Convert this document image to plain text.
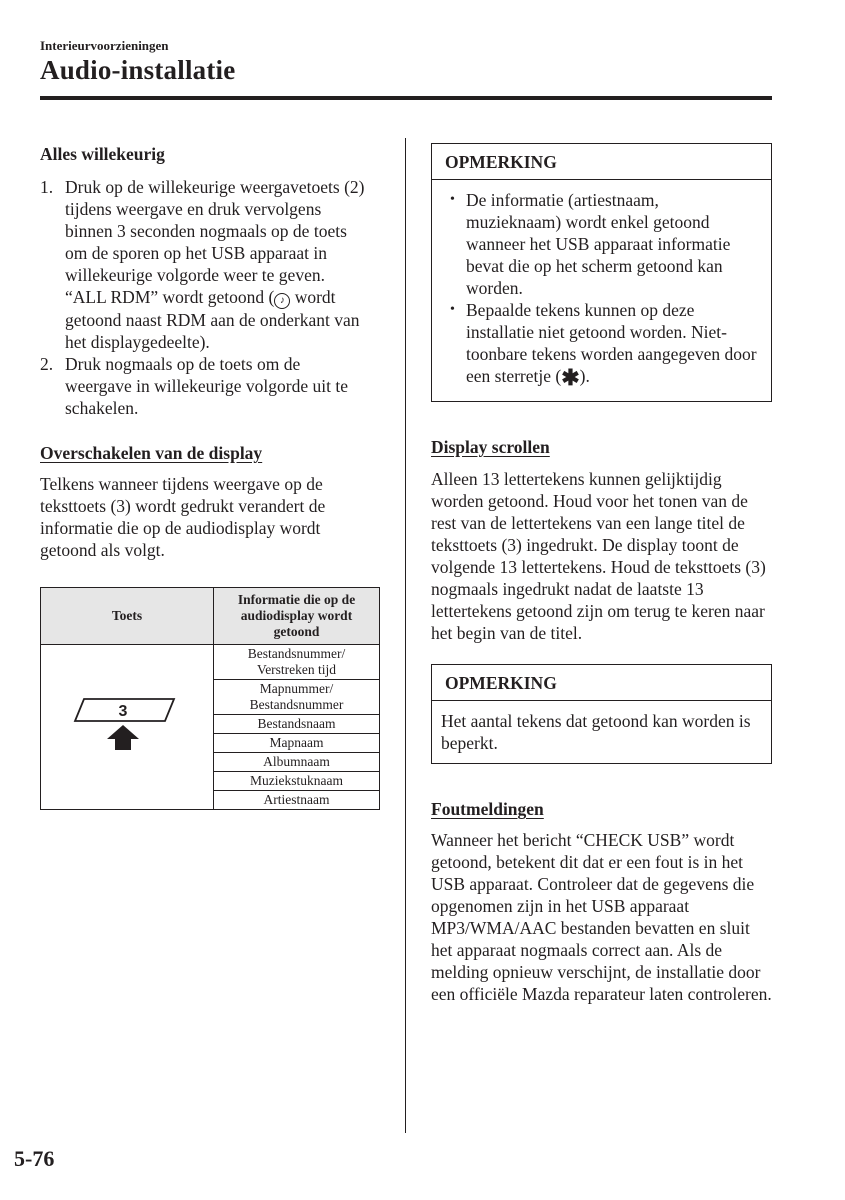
Interieurvoorzieningen
Audio-installatie
Alles willekeurig
1. Druk op de willekeurige weergavetoets (2) tijdens weergave en druk vervolgens binnen 3 seconden nogmaals op de toets om de sporen op het USB apparaat in willekeurige volgorde weer te geven. “ALL RDM” wordt getoond ( ♪ wordt getoond naast RDM aan de onderkant van het displaygedeelte).
2. Druk nogmaals op de toets om de weergave in willekeurige volgorde uit te schakelen.
Overschakelen van de display

Telkens wanneer tijdens weergave op de teksttoets (3) wordt gedrukt verandert de informatie die op de audiodisplay wordt getoond als volgt.

Toets	Informatie die op de audiodisplay wordt getoond

3	Bestandsnummer/ Verstreken tijd
	Mapnummer/ Bestandsnummer
	Bestandsnaam
	Mapnaam
	Albumnaam
	Muziekstuknaam
	Artiestnaam
OPMERKING
• De informatie (artiestnaam, muzieknaam) wordt enkel getoond wanneer het USB apparaat informatie bevat die op het scherm getoond kan worden.
• Bepaalde tekens kunnen op deze installatie niet getoond worden. Niet-toonbare tekens worden aangegeven door een sterretje (✱).
Display scrollen

Alleen 13 lettertekens kunnen gelijktijdig worden getoond. Houd voor het tonen van de rest van de lettertekens van een lange titel de teksttoets (3) ingedrukt. De display toont de volgende 13 lettertekens. Houd de teksttoets (3) nogmaals ingedrukt nadat de laatste 13 lettertekens getoond zijn om terug te keren naar het begin van de titel.

OPMERKING
Het aantal tekens dat getoond kan worden is beperkt.
Foutmeldingen

Wanneer het bericht “CHECK USB” wordt getoond, betekent dit dat er een fout is in het USB apparaat. Controleer dat de gegevens die opgenomen zijn in het USB apparaat MP3/WMA/AAC bestanden bevatten en sluit het apparaat nogmaals correct aan. Als de melding opnieuw verschijnt, de installatie door een officiële Mazda reparateur laten controleren.

5-76
